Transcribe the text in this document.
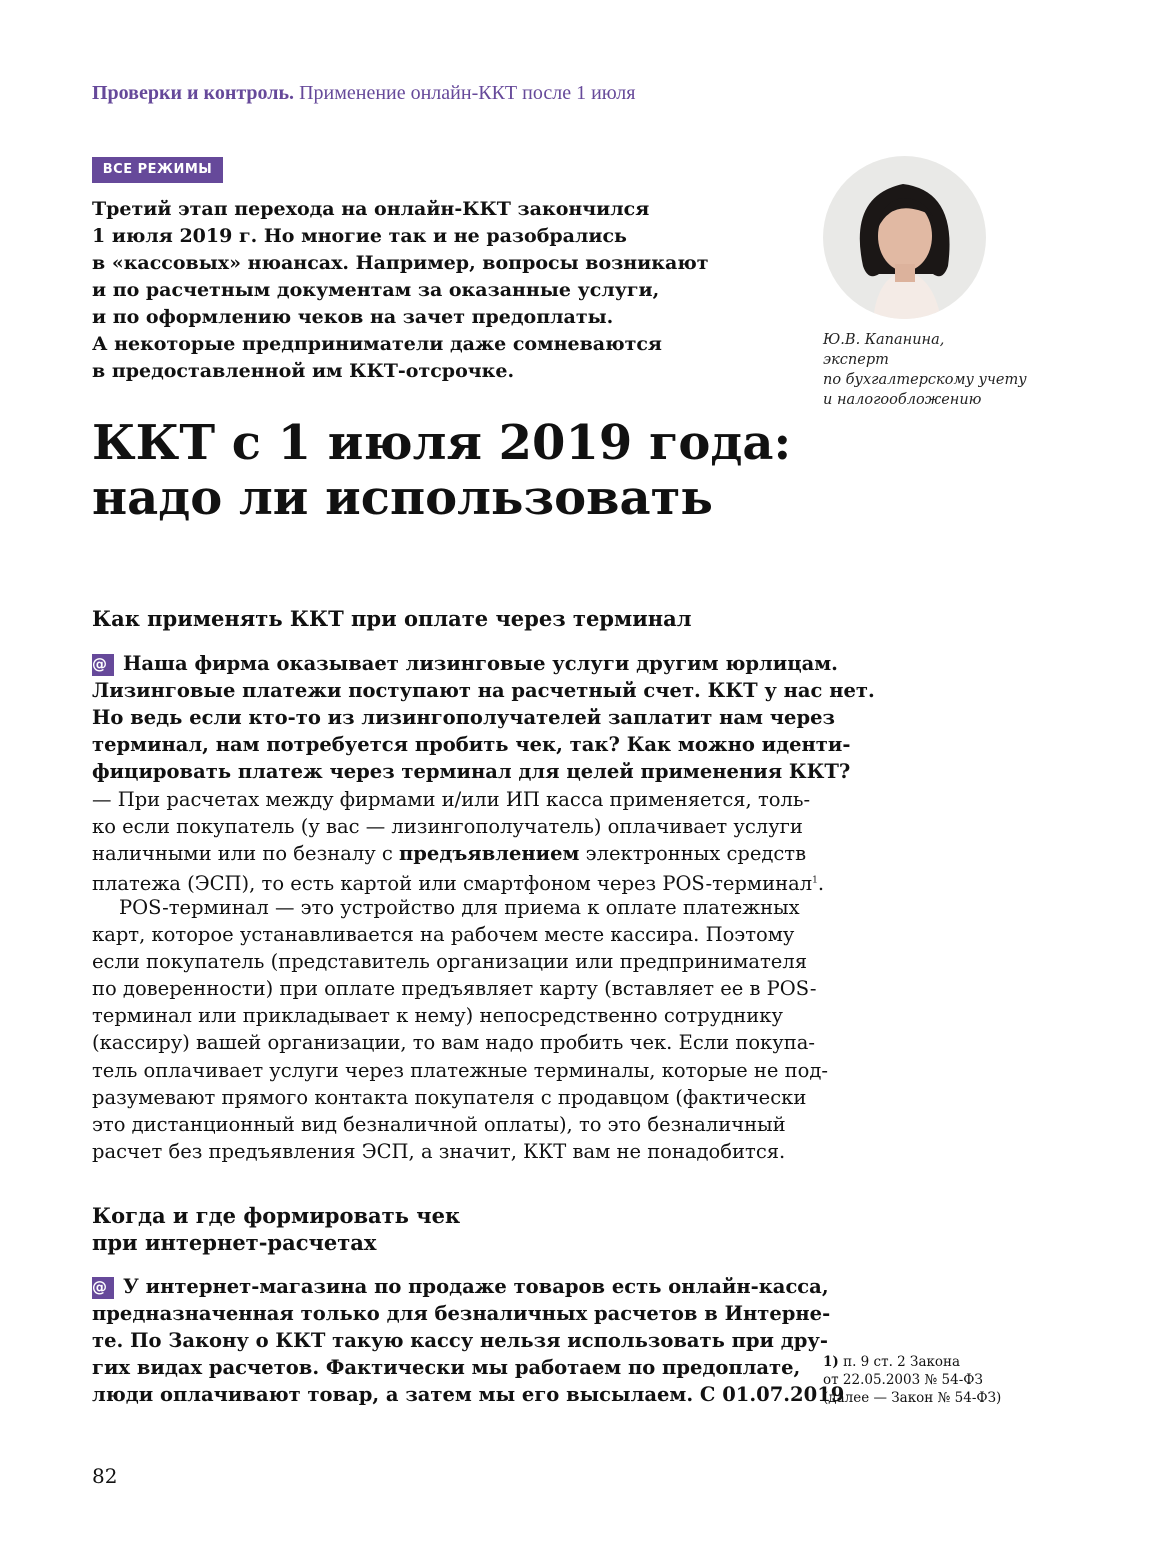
Проверки и контроль. Применение онлайн-ККТ после 1 июля
ВСЕ РЕЖИМЫ
Третий этап перехода на онлайн-ККТ закончился
1 июля 2019 г. Но многие так и не разобрались
в «кассовых» нюансах. Например, вопросы возникают
и по расчетным документам за оказанные услуги,
и по оформлению чеков на зачет предоплаты.
А некоторые предприниматели даже сомневаются
в предоставленной им ККТ-отсрочке.
Ю.В. Капанина,
эксперт
по бухгалтерскому учету
и налогообложению
ККТ с 1 июля 2019 года:
надо ли использовать
Как применять ККТ при оплате через терминал
@ Наша фирма оказывает лизинговые услуги другим юрлицам.
Лизинговые платежи поступают на расчетный счет. ККТ у нас нет.
Но ведь если кто-то из лизингополучателей заплатит нам через
терминал, нам потребуется пробить чек, так? Как можно иденти-
фицировать платеж через терминал для целей применения ККТ?
— При расчетах между фирмами и/или ИП касса применяется, толь-
ко если покупатель (у вас — лизингополучатель) оплачивает услуги
наличными или по безналу с предъявлением электронных средств
платежа (ЭСП), то есть картой или смартфоном через POS-терминал$^1$.
POS-терминал — это устройство для приема к оплате платежных
карт, которое устанавливается на рабочем месте кассира. Поэтому
если покупатель (представитель организации или предпринимателя
по доверенности) при оплате предъявляет карту (вставляет ее в POS-
терминал или прикладывает к нему) непосредственно сотруднику
(кассиру) вашей организации, то вам надо пробить чек. Если покупа-
тель оплачивает услуги через платежные терминалы, которые не под-
разумевают прямого контакта покупателя с продавцом (фактически
это дистанционный вид безналичной оплаты), то это безналичный
расчет без предъявления ЭСП, а значит, ККТ вам не понадобится.
Когда и где формировать чек
при интернет-расчетах
@ У интернет-магазина по продаже товаров есть онлайн-касса,
предназначенная только для безналичных расчетов в Интерне-
те. По Закону о ККТ такую кассу нельзя использовать при дру-
гих видах расчетов. Фактически мы работаем по предоплате,
люди оплачивают товар, а затем мы его высылаем. С 01.07.2019
1) п. 9 ст. 2 Закона
от 22.05.2003 № 54-ФЗ
(далее — Закон № 54-ФЗ)
82
